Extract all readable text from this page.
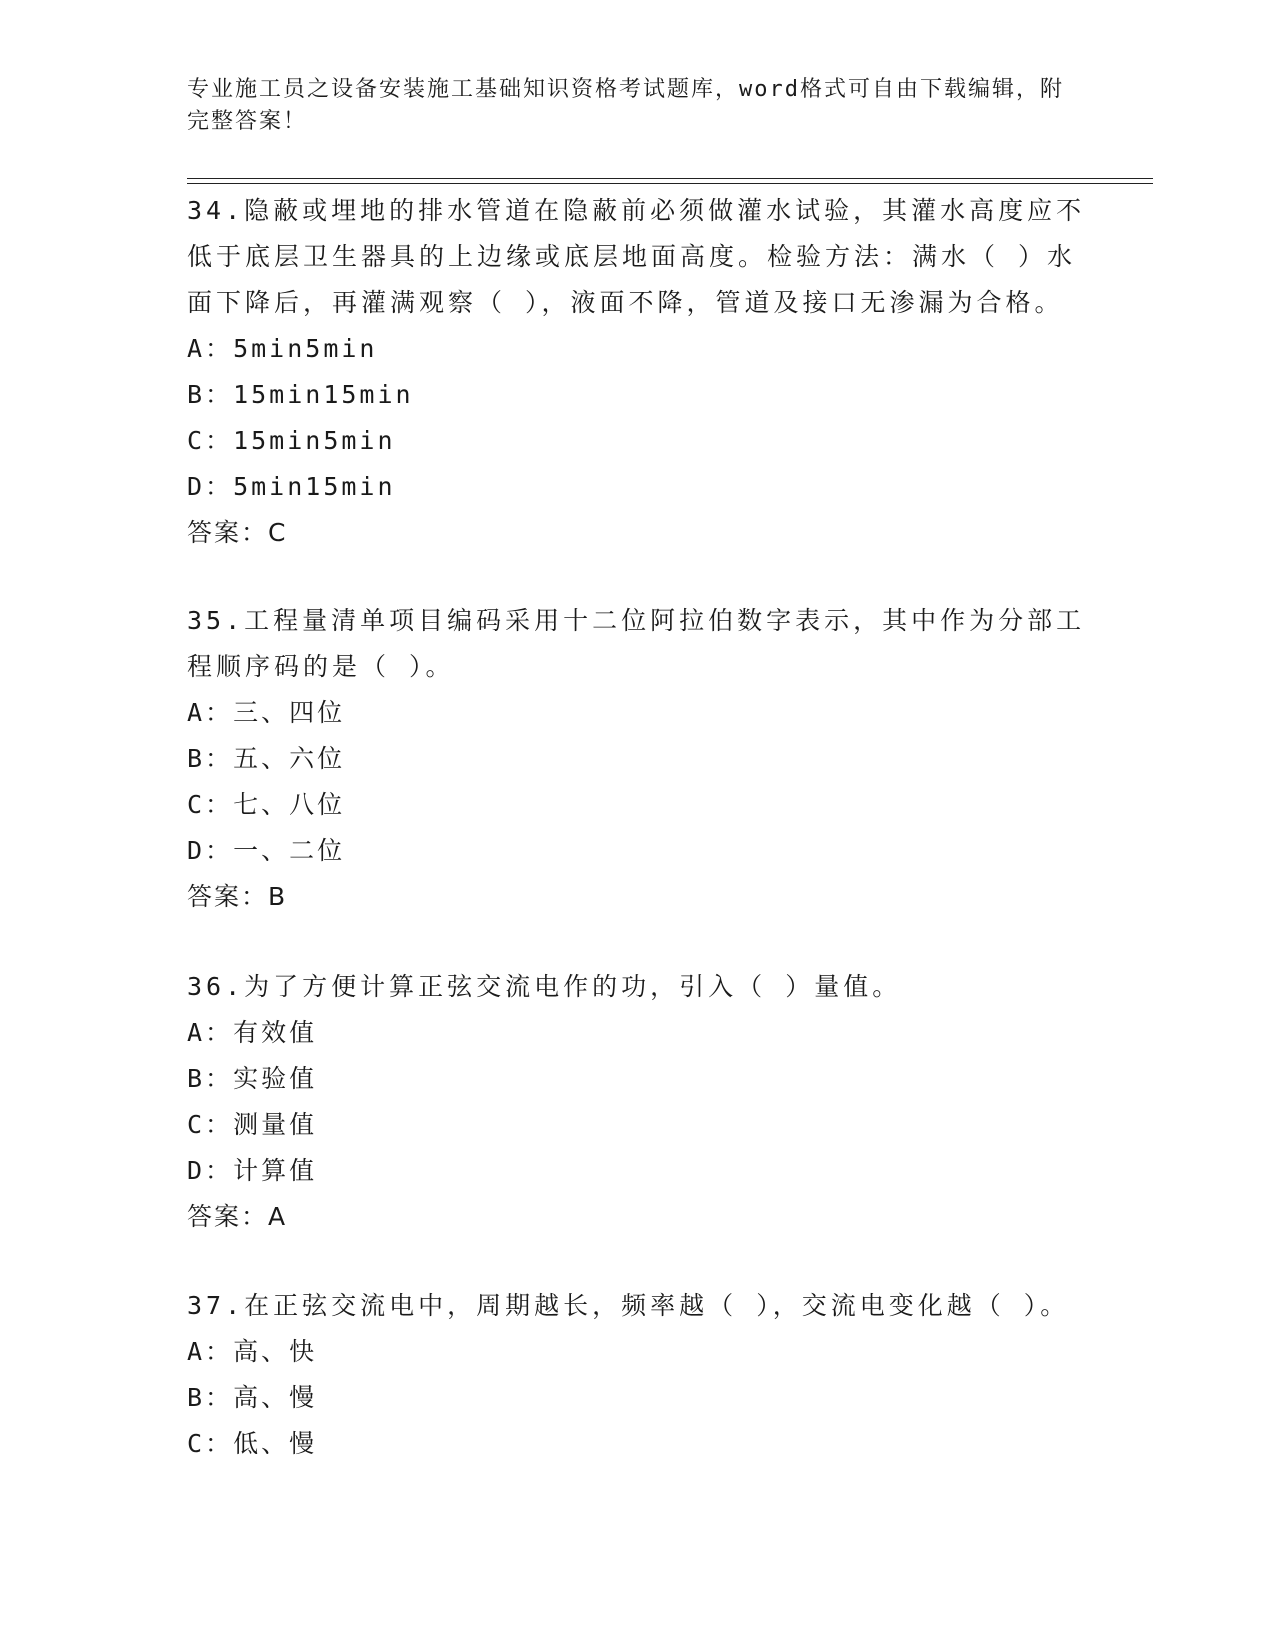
专业施工员之设备安装施工基础知识资格考试题库，word格式可自由下载编辑，附完整答案！

34.隐蔽或埋地的排水管道在隐蔽前必须做灌水试验，其灌水高度应不低于底层卫生器具的上边缘或底层地面高度。检验方法：满水（ ）水面下降后，再灌满观察（ ），液面不降，管道及接口无渗漏为合格。

A： 5min5min

B： 15min15min

C： 15min5min

D： 5min15min

答案：C

35.工程量清单项目编码采用十二位阿拉伯数字表示，其中作为分部工程顺序码的是（ ）。

A： 三、四位

B： 五、六位

C： 七、八位

D： 一、二位

答案：B

36.为了方便计算正弦交流电作的功，引入（ ）量值。

A： 有效值

B： 实验值

C： 测量值

D： 计算值

答案：A

37.在正弦交流电中，周期越长，频率越（ ），交流电变化越（ ）。

A： 高、快

B： 高、慢

C： 低、慢
